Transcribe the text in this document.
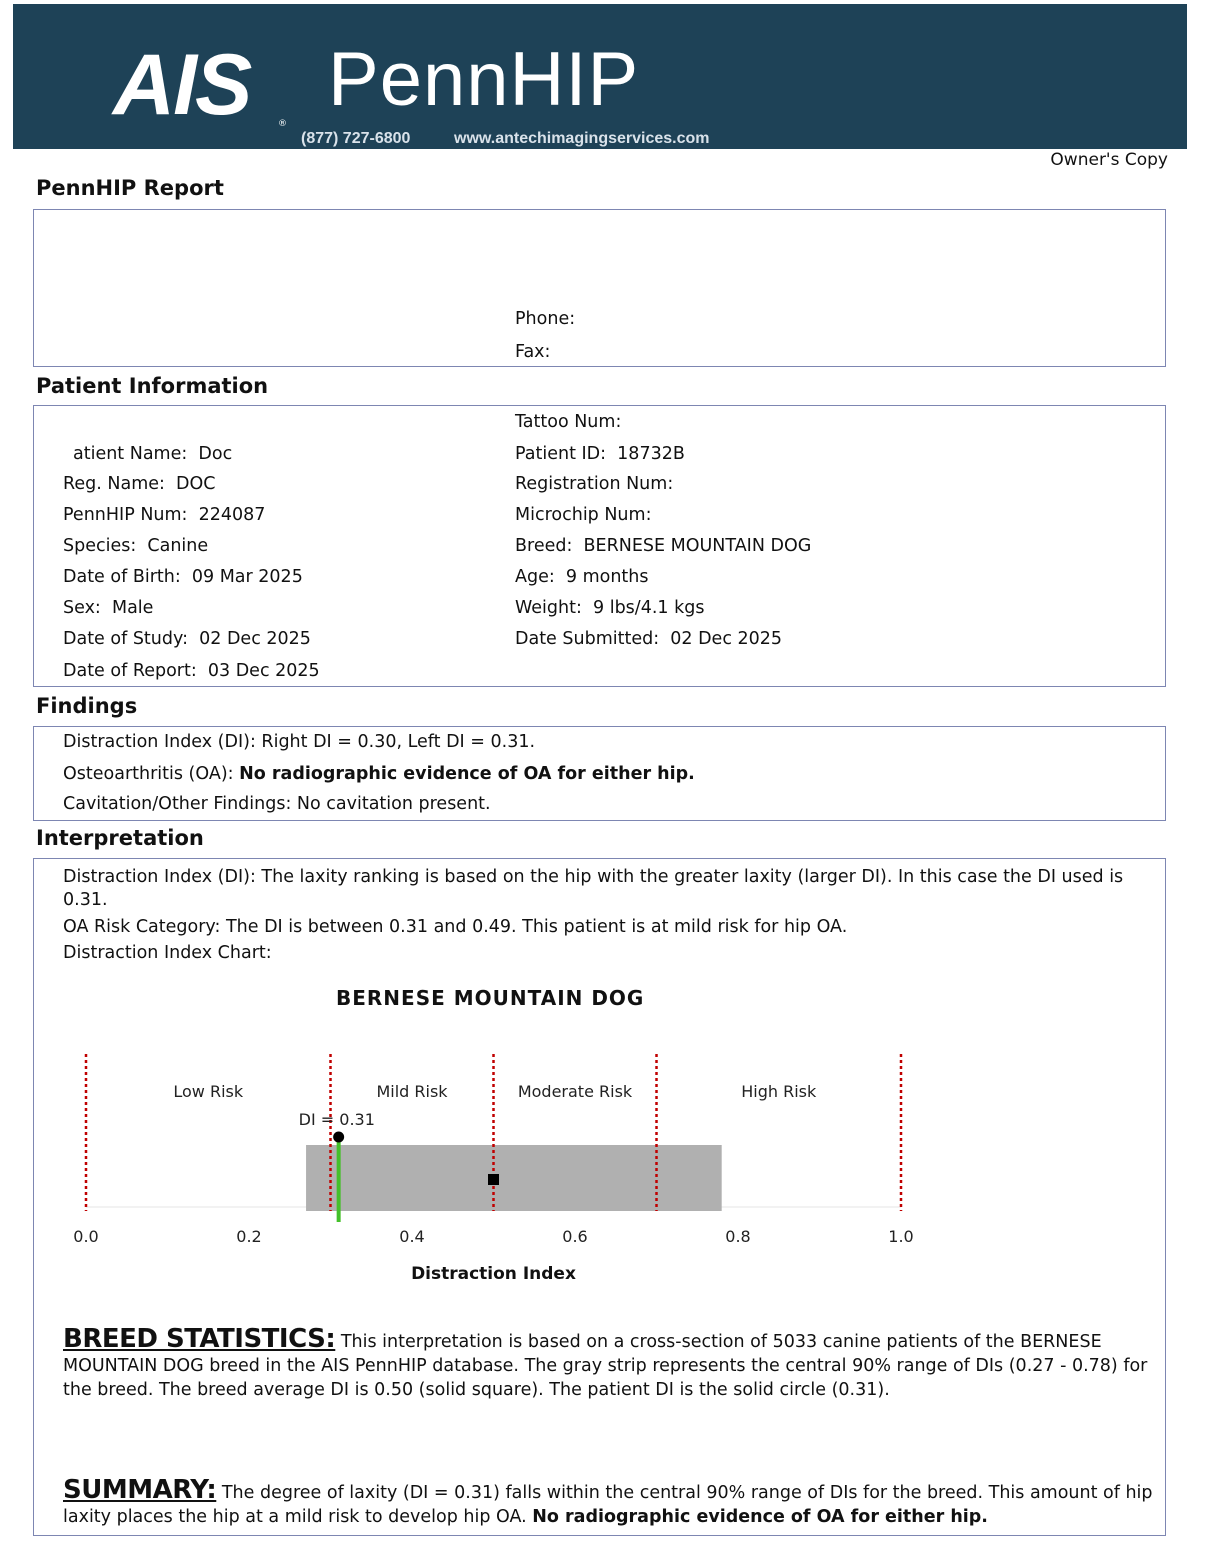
AIS	®
PennHIP
(877) 727-6800	www.antechimagingservices.com
Owner's Copy
PennHIP Report
Phone:
Fax:
Patient Information
atient Name: Doc
Reg. Name: DOC
PennHIP Num: 224087
Species: Canine
Date of Birth: 09 Mar 2025
Sex: Male
Date of Study: 02 Dec 2025
Date of Report: 03 Dec 2025
Tattoo Num:
Patient ID: 18732B
Registration Num:
Microchip Num:
Breed: BERNESE MOUNTAIN DOG
Age: 9 months
Weight: 9 lbs/4.1 kgs
Date Submitted: 02 Dec 2025
Findings
Distraction Index (DI): Right DI = 0.30, Left DI = 0.31.
Osteoarthritis (OA): No radiographic evidence of OA for either hip.
Cavitation/Other Findings: No cavitation present.
Interpretation
Distraction Index (DI): The laxity ranking is based on the hip with the greater laxity (larger DI). In this case the DI used is 0.31.
OA Risk Category: The DI is between 0.31 and 0.49. This patient is at mild risk for hip OA.
Distraction Index Chart:
BERNESE MOUNTAIN DOG
Low Risk	Mild Risk	Moderate Risk	High Risk
DI = 0.31
0.0	0.2	0.4	0.6	0.8	1.0
Distraction Index
BREED STATISTICS: This interpretation is based on a cross-section of 5033 canine patients of the BERNESE
MOUNTAIN DOG breed in the AIS PennHIP database. The gray strip represents the central 90% range of DIs (0.27 - 0.78) for
the breed. The breed average DI is 0.50 (solid square). The patient DI is the solid circle (0.31).
SUMMARY: The degree of laxity (DI = 0.31) falls within the central 90% range of DIs for the breed. This amount of hip
laxity places the hip at a mild risk to develop hip OA. No radiographic evidence of OA for either hip.
